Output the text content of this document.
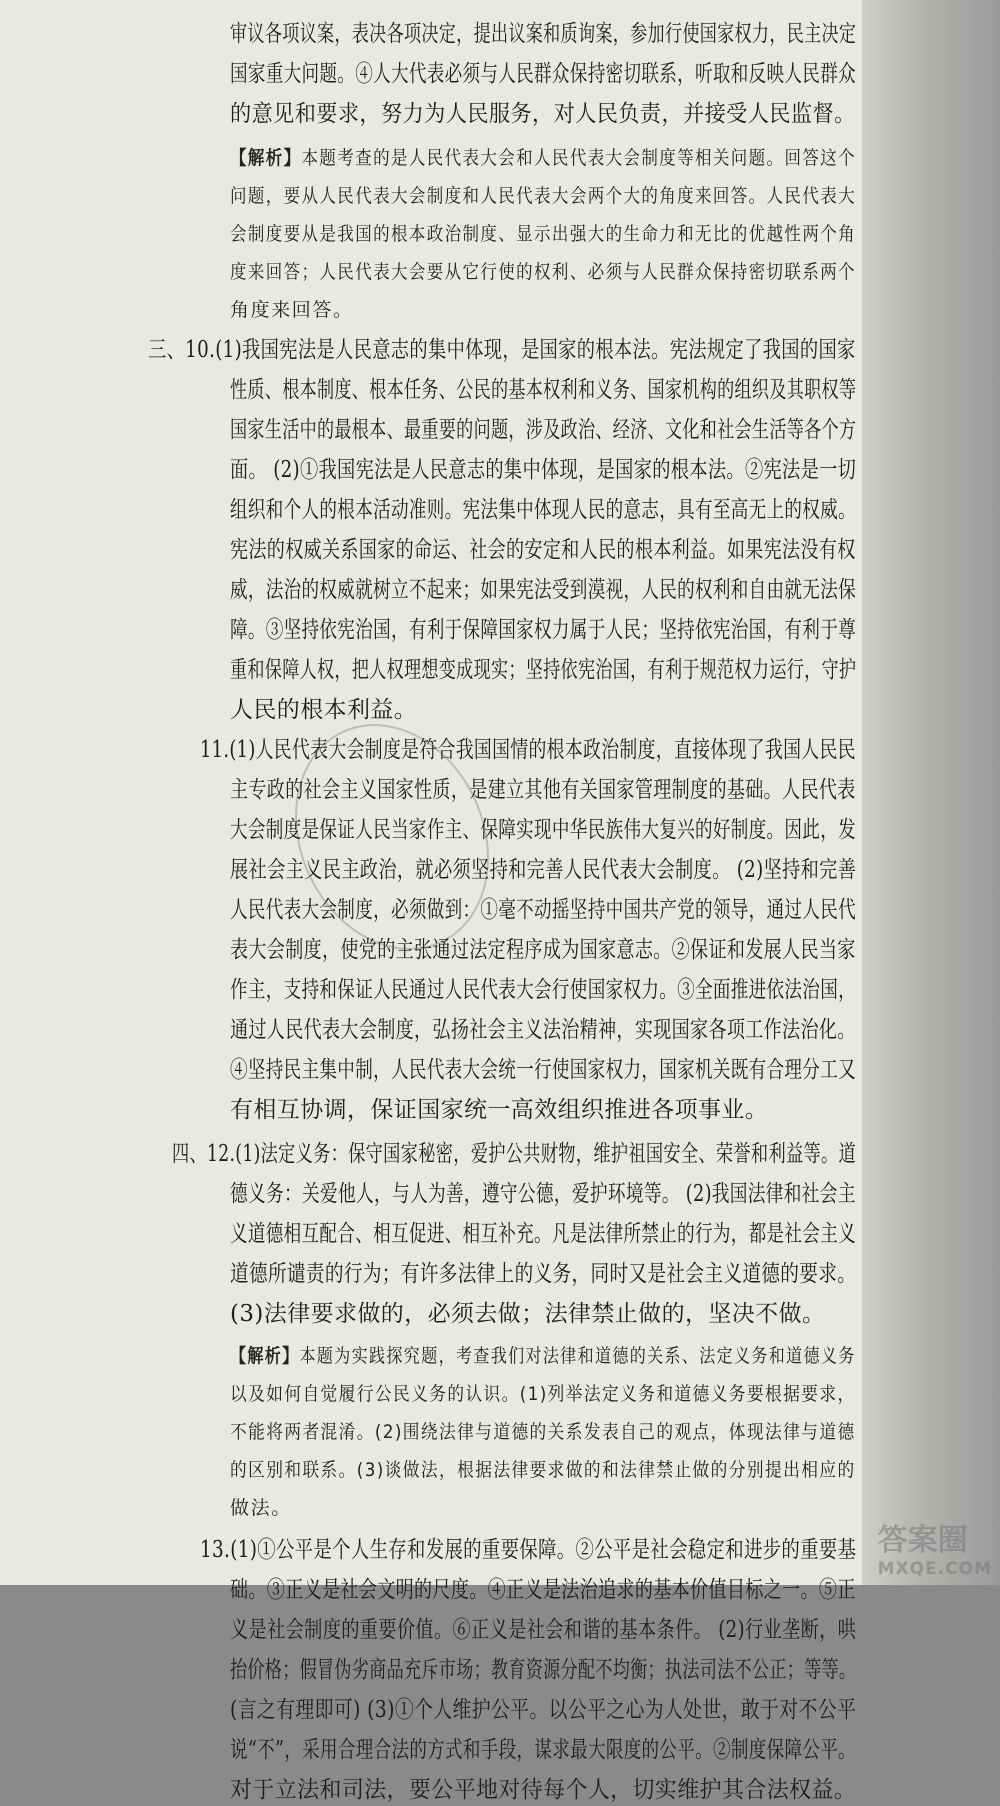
审议各项议案，表决各项决定，提出议案和质询案，参加行使国家权力，民主决定
国家重大问题。④人大代表必须与人民群众保持密切联系，听取和反映人民群众
的意见和要求，努力为人民服务，对人民负责，并接受人民监督。
【解析】本题考查的是人民代表大会和人民代表大会制度等相关问题。回答这个
问题，要从人民代表大会制度和人民代表大会两个大的角度来回答。人民代表大
会制度要从是我国的根本政治制度、显示出强大的生命力和无比的优越性两个角
度来回答；人民代表大会要从它行使的权利、必须与人民群众保持密切联系两个
角度来回答。
三、10.(1)我国宪法是人民意志的集中体现，是国家的根本法。宪法规定了我国的国家
性质、根本制度、根本任务、公民的基本权利和义务、国家机构的组织及其职权等
国家生活中的最根本、最重要的问题，涉及政治、经济、文化和社会生活等各个方
面。 (2)①我国宪法是人民意志的集中体现，是国家的根本法。②宪法是一切
组织和个人的根本活动准则。宪法集中体现人民的意志，具有至高无上的权威。
宪法的权威关系国家的命运、社会的安定和人民的根本利益。如果宪法没有权
威，法治的权威就树立不起来；如果宪法受到漠视，人民的权利和自由就无法保
障。③坚持依宪治国，有利于保障国家权力属于人民；坚持依宪治国，有利于尊
重和保障人权，把人权理想变成现实；坚持依宪治国，有利于规范权力运行，守护
人民的根本利益。
11.(1)人民代表大会制度是符合我国国情的根本政治制度，直接体现了我国人民民
主专政的社会主义国家性质，是建立其他有关国家管理制度的基础。人民代表
大会制度是保证人民当家作主、保障实现中华民族伟大复兴的好制度。因此，发
展社会主义民主政治，就必须坚持和完善人民代表大会制度。 (2)坚持和完善
人民代表大会制度，必须做到：①毫不动摇坚持中国共产党的领导，通过人民代
表大会制度，使党的主张通过法定程序成为国家意志。②保证和发展人民当家
作主，支持和保证人民通过人民代表大会行使国家权力。③全面推进依法治国，
通过人民代表大会制度，弘扬社会主义法治精神，实现国家各项工作法治化。
④坚持民主集中制，人民代表大会统一行使国家权力，国家机关既有合理分工又
有相互协调，保证国家统一高效组织推进各项事业。
四、12.(1)法定义务：保守国家秘密，爱护公共财物，维护祖国安全、荣誉和利益等。道
德义务：关爱他人，与人为善，遵守公德，爱护环境等。 (2)我国法律和社会主
义道德相互配合、相互促进、相互补充。凡是法律所禁止的行为，都是社会主义
道德所谴责的行为；有许多法律上的义务，同时又是社会主义道德的要求。
(3)法律要求做的，必须去做；法律禁止做的，坚决不做。
【解析】本题为实践探究题，考查我们对法律和道德的关系、法定义务和道德义务
以及如何自觉履行公民义务的认识。(1)列举法定义务和道德义务要根据要求，
不能将两者混淆。(2)围绕法律与道德的关系发表自己的观点，体现法律与道德
的区别和联系。(3)谈做法，根据法律要求做的和法律禁止做的分别提出相应的
做法。
13.(1)①公平是个人生存和发展的重要保障。②公平是社会稳定和进步的重要基
础。③正义是社会文明的尺度。④正义是法治追求的基本价值目标之一。⑤正
义是社会制度的重要价值。⑥正义是社会和谐的基本条件。 (2)行业垄断，哄
抬价格；假冒伪劣商品充斥市场；教育资源分配不均衡；执法司法不公正；等等。
(言之有理即可) (3)①个人维护公平。以公平之心为人处世，敢于对不公平
说“不”，采用合理合法的方式和手段，谋求最大限度的公平。②制度保障公平。
对于立法和司法，要公平地对待每个人，切实维护其合法权益。
答案圈
MXQE.COM
